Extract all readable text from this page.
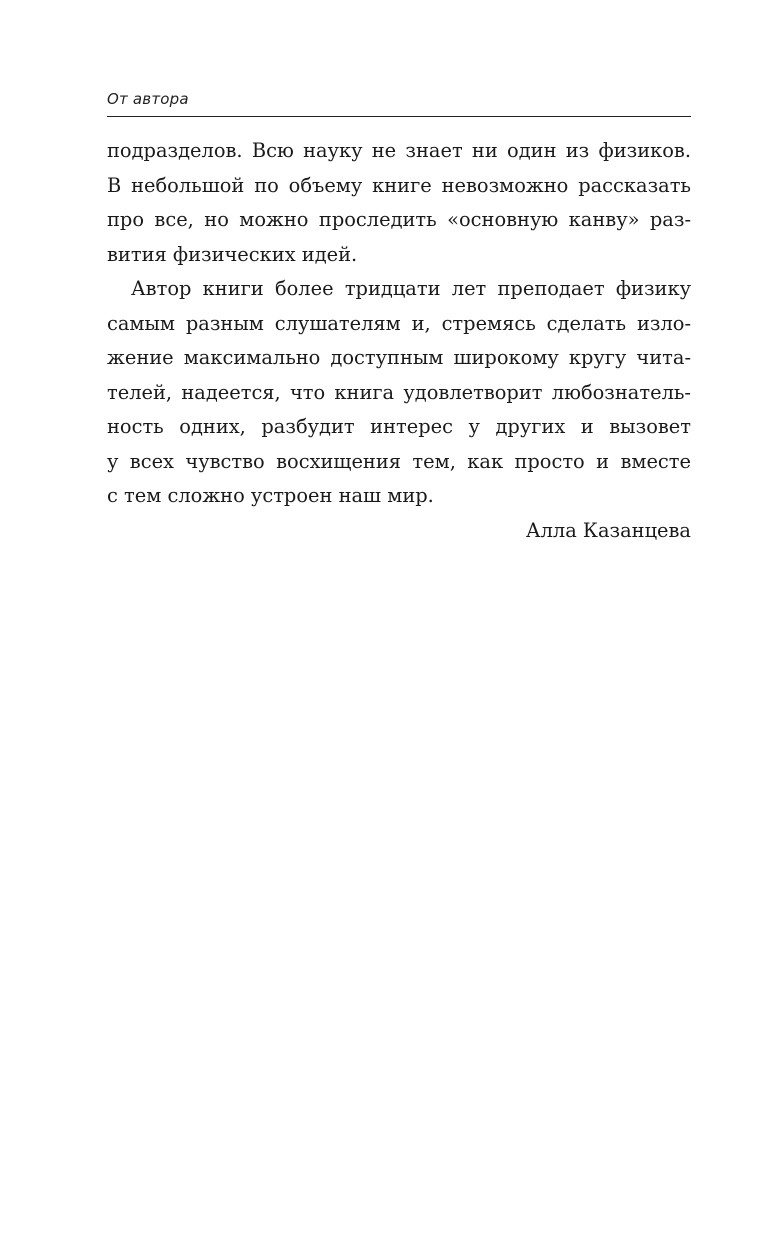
От автора
подразделов. Всю науку не знает ни один из физиков.
В небольшой по объему книге невозможно рассказать
про все, но можно проследить «основную канву» раз-
вития физических идей.
Автор книги более тридцати лет преподает физику
самым разным слушателям и, стремясь сделать изло-
жение максимально доступным широкому кругу чита-
телей, надеется, что книга удовлетворит любознатель-
ность одних, разбудит интерес у других и вызовет
у всех чувство восхищения тем, как просто и вместе
с тем сложно устроен наш мир.

Алла Казанцева
